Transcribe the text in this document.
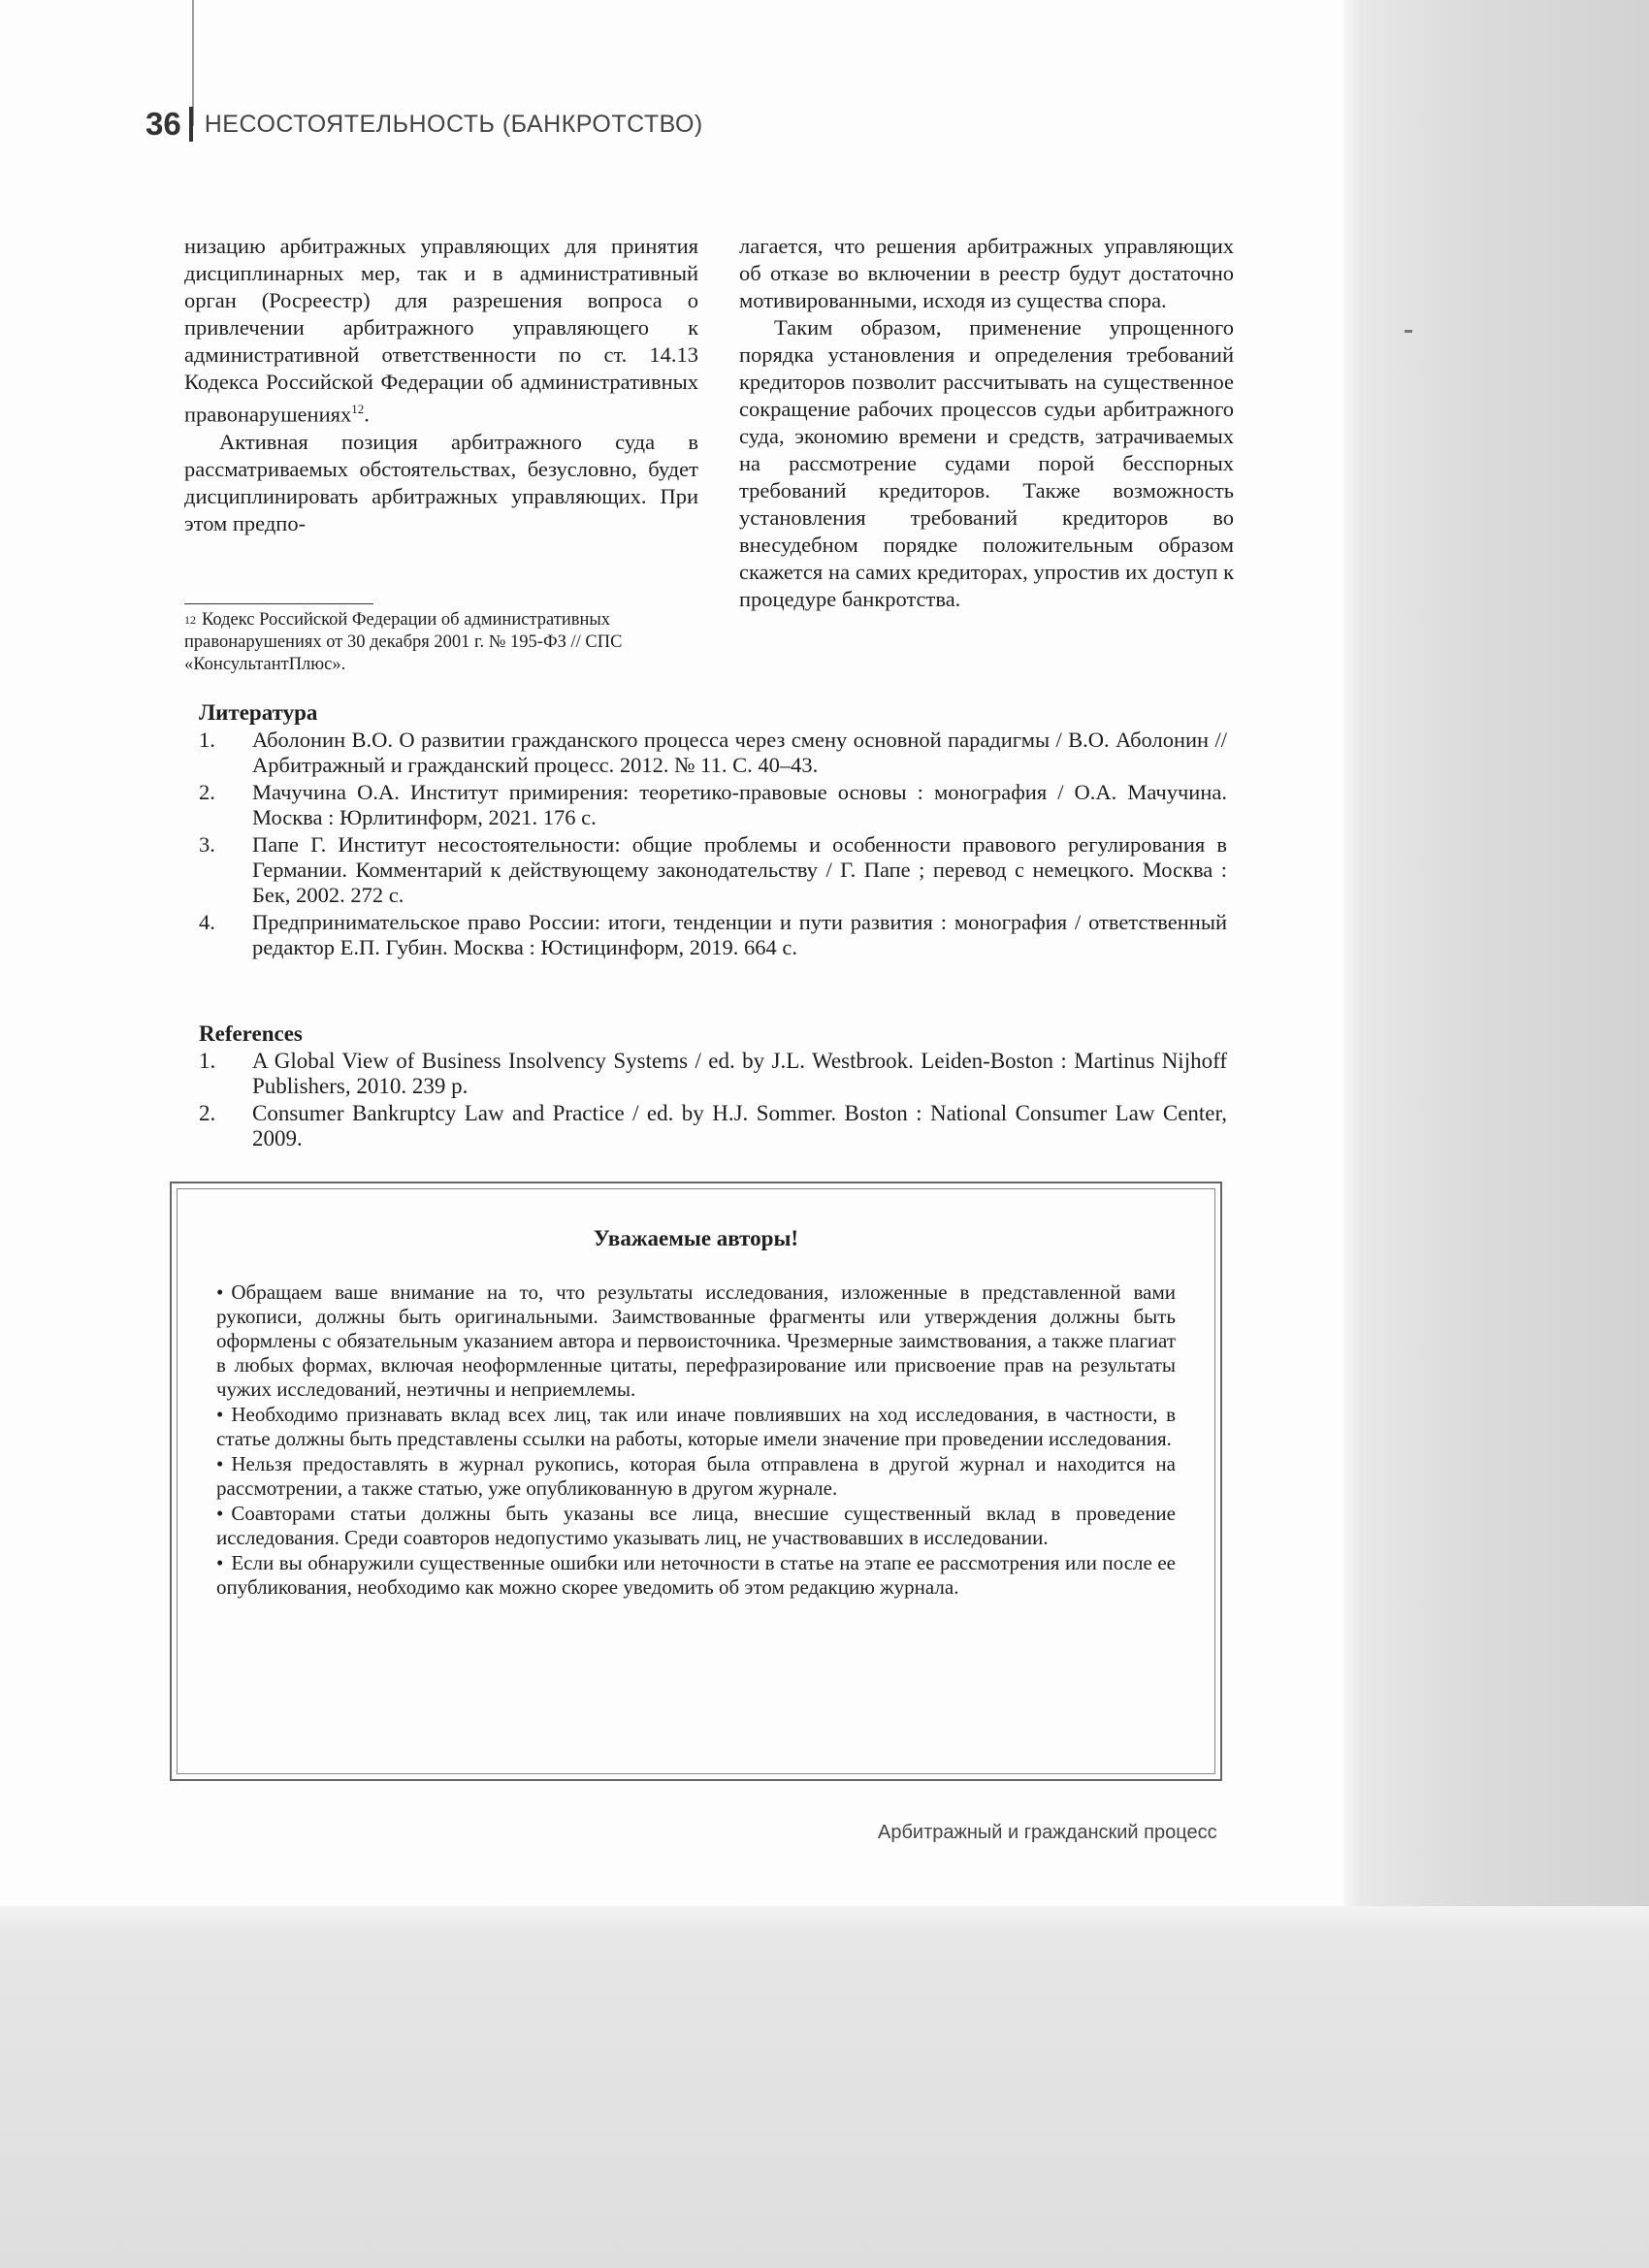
36 НЕСОСТОЯТЕЛЬНОСТЬ (БАНКРОТСТВО)

низацию арбитражных управляющих для принятия дисциплинарных мер, так и в административный орган (Росреестр) для разрешения вопроса о привлечении арбитражного управляющего к административной ответственности по ст. 14.13 Кодекса Российской Федерации об административных правонарушениях$^{12}$.

Активная позиция арбитражного суда в рассматриваемых обстоятельствах, безусловно, будет дисциплинировать арбитражных управляющих. При этом предпо-

лагается, что решения арбитражных управляющих об отказе во включении в реестр будут достаточно мотивированными, исходя из существа спора.

Таким образом, применение упрощенного порядка установления и определения требований кредиторов позволит рассчитывать на существенное сокращение рабочих процессов судьи арбитражного суда, экономию времени и средств, затрачиваемых на рассмотрение судами порой бесспорных требований кредиторов. Также возможность установления требований кредиторов во внесудебном порядке положительным образом скажется на самих кредиторах, упростив их доступ к процедуре банкротства.

$^{12}$ Кодекс Российской Федерации об административных правонарушениях от 30 декабря 2001 г. № 195-ФЗ // СПС «КонсультантПлюс».
Литература
1.	Аболонин В.О. О развитии гражданского процесса через смену основной парадигмы / В.О. Аболонин // Арбитражный и гражданский процесс. 2012. № 11. С. 40–43.
2.	Мачучина О.А. Институт примирения: теоретико-правовые основы : монография / О.А. Мачучина. Москва : Юрлитинформ, 2021. 176 с.
3.	Папе Г. Институт несостоятельности: общие проблемы и особенности правового регулирования в Германии. Комментарий к действующему законодательству / Г. Папе ; перевод с немецкого. Москва : Бек, 2002. 272 с.
4.	Предпринимательское право России: итоги, тенденции и пути развития : монография / ответственный редактор Е.П. Губин. Москва : Юстицинформ, 2019. 664 с.
References
1.	A Global View of Business Insolvency Systems / ed. by J.L. Westbrook. Leiden-Boston : Martinus Nijhoff Publishers, 2010. 239 p.
2.	Consumer Bankruptcy Law and Practice / ed. by H.J. Sommer. Boston : National Consumer Law Center, 2009.

Уважаемые авторы!

• Обращаем ваше внимание на то, что результаты исследования, изложенные в представленной вами рукописи, должны быть оригинальными. Заимствованные фрагменты или утверждения должны быть оформлены с обязательным указанием автора и первоисточника. Чрезмерные заимствования, а также плагиат в любых формах, включая неоформленные цитаты, перефразирование или присвоение прав на результаты чужих исследований, неэтичны и неприемлемы.

• Необходимо признавать вклад всех лиц, так или иначе повлиявших на ход исследования, в частности, в статье должны быть представлены ссылки на работы, которые имели значение при проведении исследования.

• Нельзя предоставлять в журнал рукопись, которая была отправлена в другой журнал и находится на рассмотрении, а также статью, уже опубликованную в другом журнале.

• Соавторами статьи должны быть указаны все лица, внесшие существенный вклад в проведение исследования. Среди соавторов недопустимо указывать лиц, не участвовавших в исследовании.

• Если вы обнаружили существенные ошибки или неточности в статье на этапе ее рассмотрения или после ее опубликования, необходимо как можно скорее уведомить об этом редакцию журнала.

Арбитражный и гражданский процесс
